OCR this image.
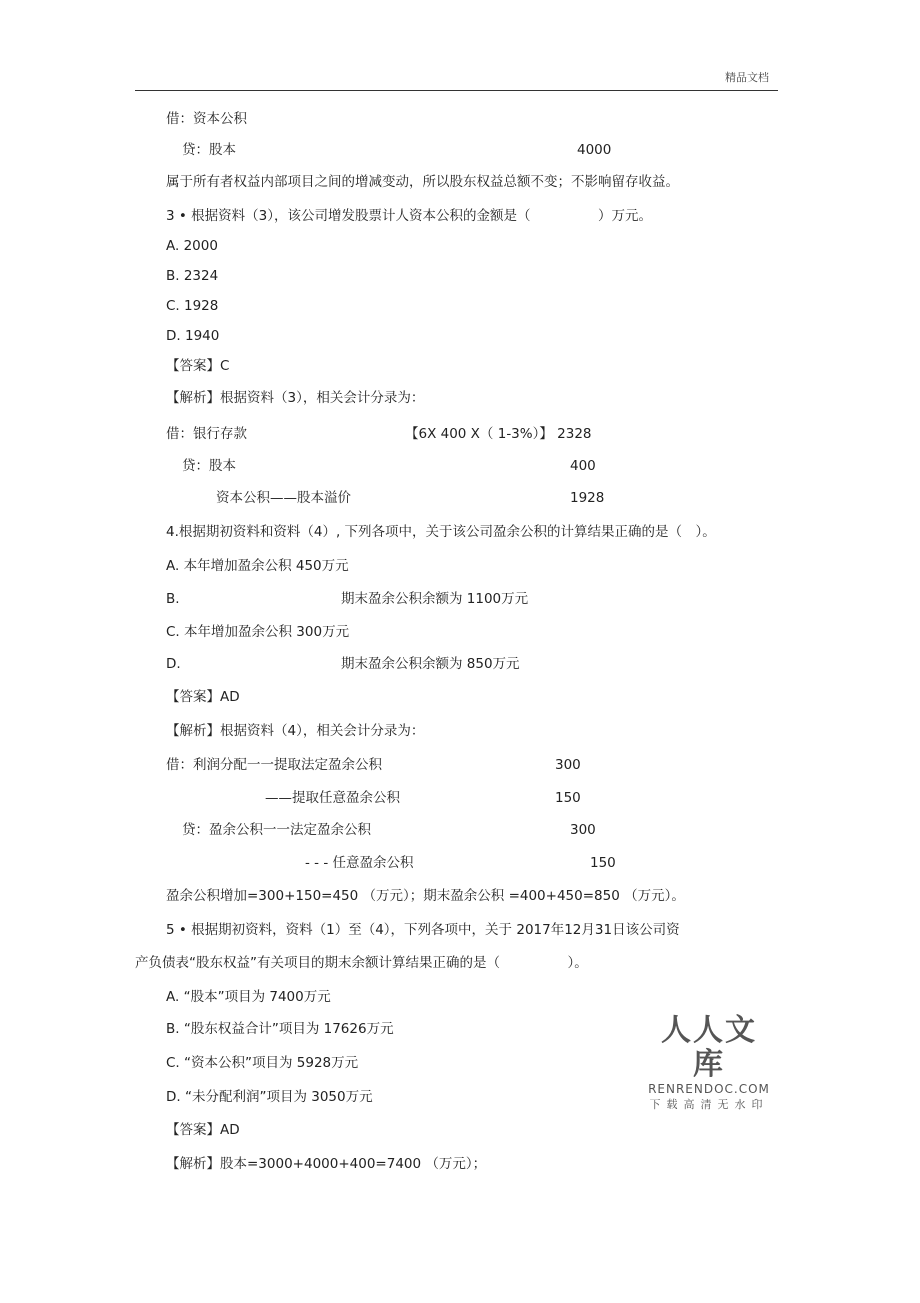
精品文档
借：资本公积
贷：股本	4000
属于所有者权益内部项目之间的增减变动，所以股东权益总额不变；不影响留存收益。
3 • 根据资料（3），该公司增发股票计人资本公积的金额是（　　　　　）万元。
A. 2000
B. 2324
C. 1928
D. 1940
【答案】C
【解析】根据资料（3），相关会计分录为：
借：银行存款	【6X 400 X（ 1-3%）】 2328
贷：股本	400
资本公积——股本溢价	1928
4.根据期初资料和资料（4）, 下列各项中，关于该公司盈余公积的计算结果正确的是（　）。
A. 本年增加盈余公积 450万元
B.	期末盈余公积余额为 1100万元
C. 本年增加盈余公积 300万元
D.	期末盈余公积余额为 850万元
【答案】AD
【解析】根据资料（4），相关会计分录为：
借：利润分配一一提取法定盈余公积	300
——提取任意盈余公积	150
贷：盈余公积一一法定盈余公积	300
- - - 任意盈余公积	150
盈余公积增加=300+150=450 （万元）；期末盈余公积 =400+450=850 （万元）。
5 • 根据期初资料，资料（1）至（4），下列各项中，关于 2017年12月31日该公司资
产负债表“股东权益”有关项目的期末余额计算结果正确的是（　　　　　）。
A. “股本”项目为 7400万元
B. “股东权益合计”项目为 17626万元
C. “资本公积”项目为 5928万元
D. “未分配利润”项目为 3050万元
【答案】AD
【解析】股本=3000+4000+400=7400 （万元）；
人人文库
RENRENDOC.COM
下载高清无水印
